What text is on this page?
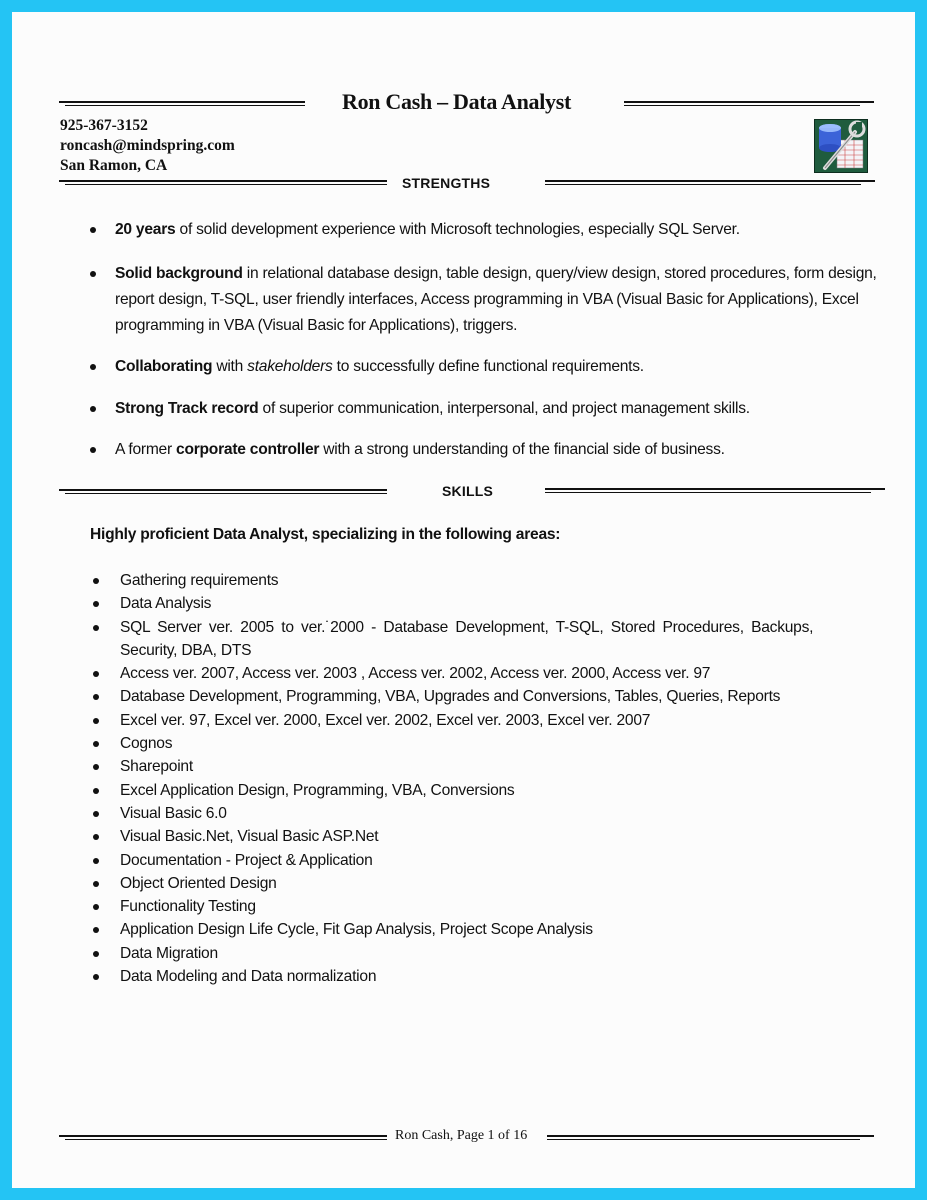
Ron Cash – Data Analyst
925-367-3152
roncash@mindspring.com
San Ramon, CA
STRENGTHS
20 years of solid development experience with Microsoft technologies, especially SQL Server.
Solid background in relational database design, table design, query/view design, stored procedures, form design, report design, T-SQL, user friendly interfaces, Access programming in VBA (Visual Basic for Applications), Excel programming in VBA (Visual Basic for Applications), triggers.
Collaborating with stakeholders to successfully define functional requirements.
Strong Track record of superior communication, interpersonal, and project management skills.
A former corporate controller with a strong understanding of the financial side of business.
SKILLS
Highly proficient Data Analyst, specializing in the following areas:
Gathering requirements
Data Analysis
SQL Server ver. 2005 to ver.˙2000 - Database Development, T-SQL, Stored Procedures, Backups,
Security, DBA, DTS
Access ver. 2007, Access ver. 2003 , Access ver. 2002, Access ver. 2000, Access ver. 97
Database Development, Programming, VBA, Upgrades and Conversions, Tables, Queries, Reports
Excel ver. 97, Excel ver. 2000, Excel ver. 2002, Excel ver. 2003, Excel ver. 2007
Cognos
Sharepoint
Excel Application Design, Programming, VBA, Conversions
Visual Basic 6.0
Visual Basic.Net, Visual Basic ASP.Net
Documentation - Project & Application
Object Oriented Design
Functionality Testing
Application Design Life Cycle, Fit Gap Analysis, Project Scope Analysis
Data Migration
Data Modeling and Data normalization
Ron Cash, Page 1 of 16
